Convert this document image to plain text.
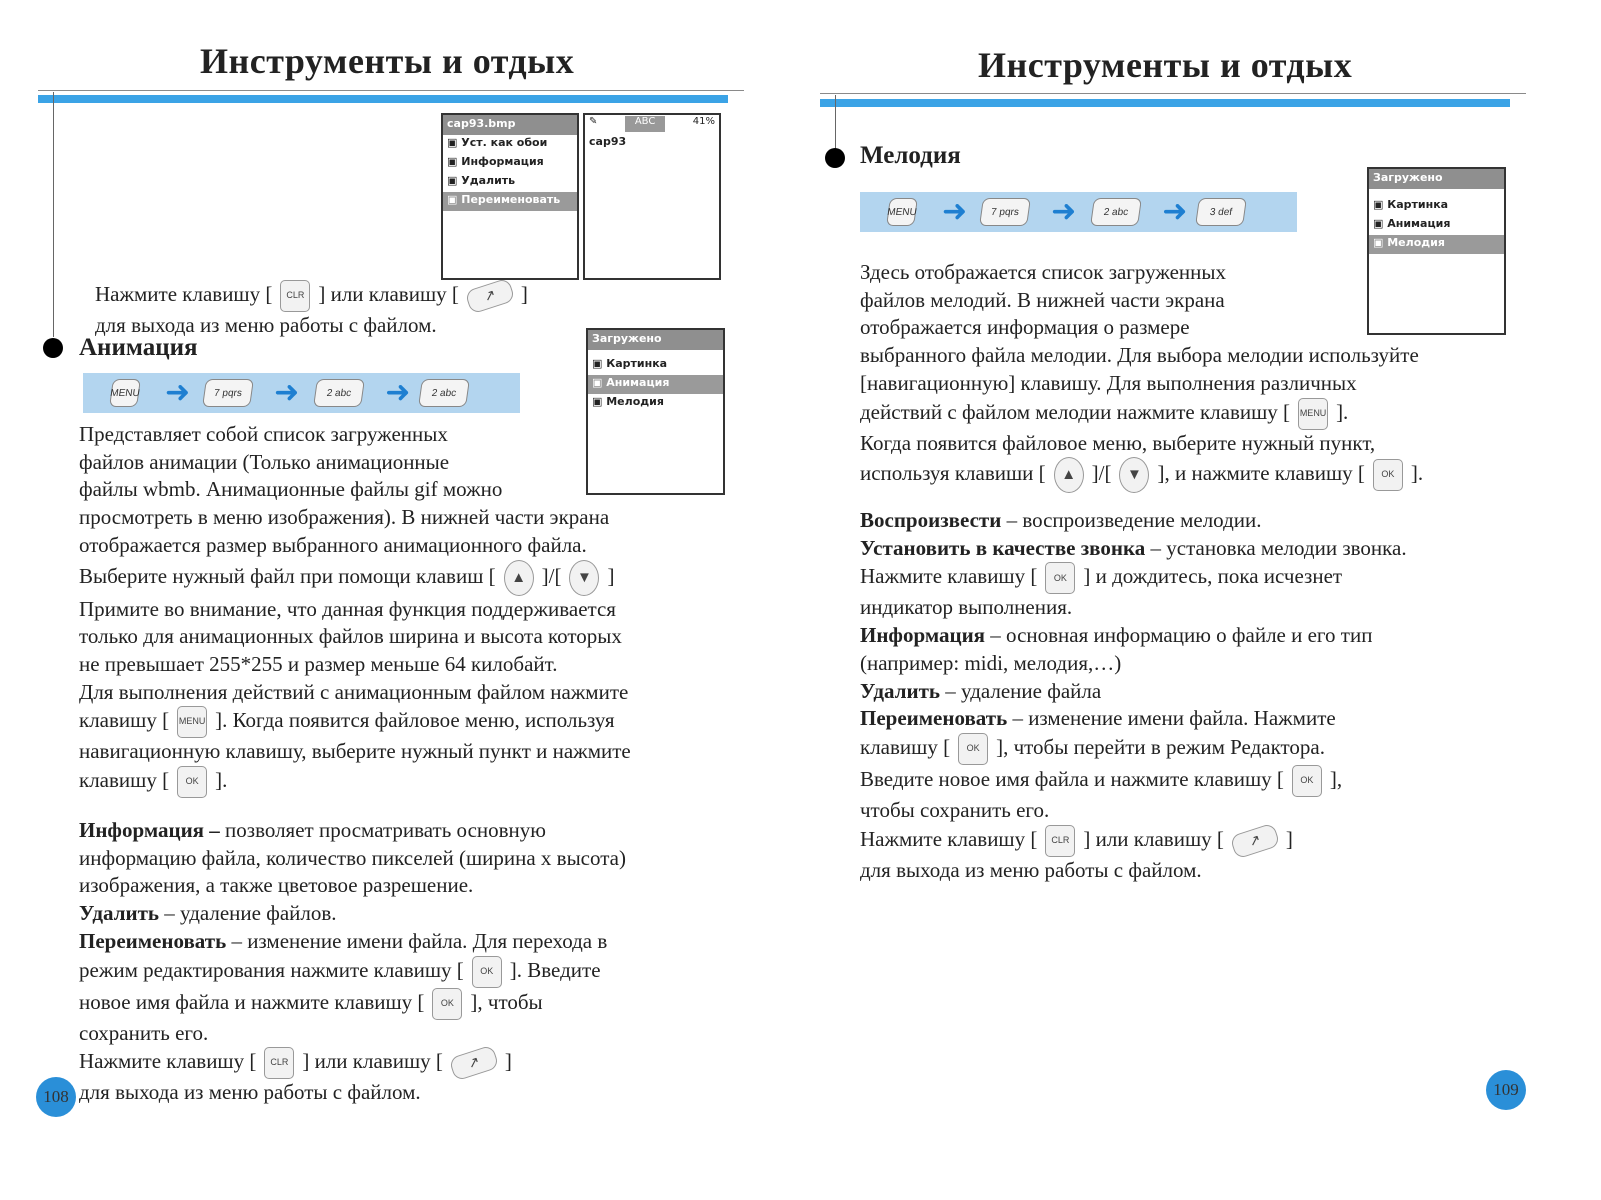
Инструменты и отдых
cap93.bmp
▣ Уст. как обои
▣ Информация
▣ Удалить
▣ Переименовать
✎	ABC	41%
cap93

Нажмите клавишу [ CLR ] или клавишу [ ↗ ]

для выхода из меню работы с файлом.

Анимация
MENU ➜	7 pqrs	➜	2 abc	➜	2 abc
Загружено
▣ Картинка
▣ Анимация
▣ Мелодия

Представляет собой список загруженных

файлов анимации (Только анимационные

файлы wbmb. Анимационные файлы gif можно

просмотреть в меню изображения). В нижней части экрана

отображается размер выбранного анимационного файла.

Выберите нужный файл при помощи клавиш [ ▲ ]/[ ▼ ]

Примите во внимание, что данная функция поддерживается

только для анимационных файлов ширина и высота которых

не превышает 255*255 и размер меньше 64 килобайт.

Для выполнения действий с анимационным файлом нажмите

клавишу [ MENU ]. Когда появится файловое меню, используя

навигационную клавишу, выберите нужный пункт и нажмите

клавишу [ OK ].

Информация – позволяет просматривать основную

информацию файла, количество пикселей (ширина х высота)

изображения, а также цветовое разрешение.

Удалить – удаление файлов.

Переименовать – изменение имени файла. Для перехода в

режим редактирования нажмите клавишу [ OK ]. Введите

новое имя файла и нажмите клавишу [ OK ], чтобы

сохранить его.

Нажмите клавишу [ CLR ] или клавишу [ ↗ ]

для выхода из меню работы с файлом.

108
Инструменты и отдых
Мелодия
MENU ➜	7 pqrs	➜	2 abc	➜	3 def
Загружено
▣ Картинка
▣ Анимация
▣ Мелодия

Здесь отображается список загруженных

файлов мелодий. В нижней части экрана

отображается информация о размере

выбранного файла мелодии. Для выбора мелодии используйте

[навигационную] клавишу. Для выполнения различных

действий с файлом мелодии нажмите клавишу [ MENU ].

Когда появится файловое меню, выберите нужный пункт,

используя клавиши [ ▲ ]/[ ▼ ], и нажмите клавишу [ OK ].

Воспроизвести – воспроизведение мелодии.

Установить в качестве звонка – установка мелодии звонка.

Нажмите клавишу [ OK ] и дождитесь, пока исчезнет

индикатор выполнения.

Информация – основная информацию о файле и его тип

(например: midi, мелодия,…)

Удалить – удаление файла

Переименовать – изменение имени файла. Нажмите

клавишу [ OK ], чтобы перейти в режим Редактора.

Введите новое имя файла и нажмите клавишу [ OK ],

чтобы сохранить его.

Нажмите клавишу [ CLR ] или клавишу [ ↗ ]

для выхода из меню работы с файлом.

109
